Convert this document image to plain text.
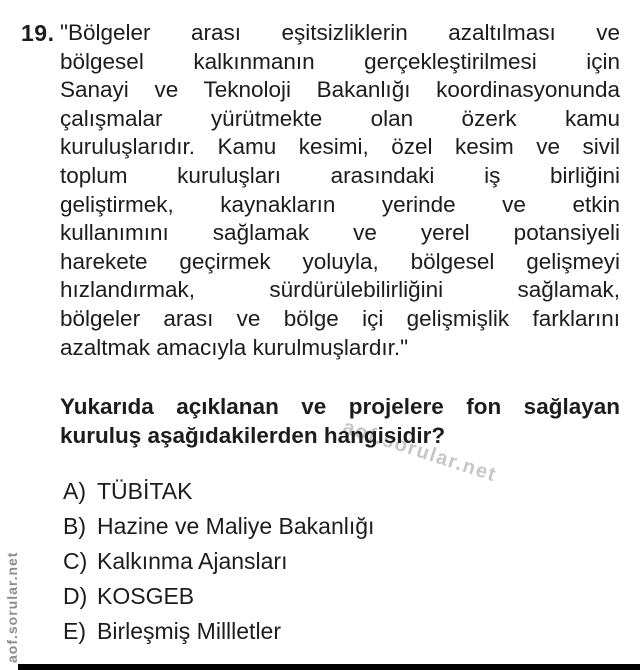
19. "Bölgeler arası eşitsizliklerin azaltılması ve
bölgesel kalkınmanın gerçekleştirilmesi için
Sanayi ve Teknoloji Bakanlığı koordinasyonunda
çalışmalar yürütmekte olan özerk kamu
kuruluşlarıdır. Kamu kesimi, özel kesim ve sivil
toplum kuruluşları arasındaki iş birliğini
geliştirmek, kaynakların yerinde ve etkin
kullanımını sağlamak ve yerel potansiyeli
harekete geçirmek yoluyla, bölgesel gelişmeyi
hızlandırmak, sürdürülebilirliğini sağlamak,
bölgeler arası ve bölge içi gelişmişlik farklarını
azaltmak amacıyla kurulmuşlardır."
Yukarıda açıklanan ve projelere fon sağlayan
kuruluş aşağıdakilerden hangisidir?
A) TÜBİTAK
B) Hazine ve Maliye Bakanlığı
C) Kalkınma Ajansları
D) KOSGEB
E) Birleşmiş Millletler
aof.sorular.net
aof.sorular.net
